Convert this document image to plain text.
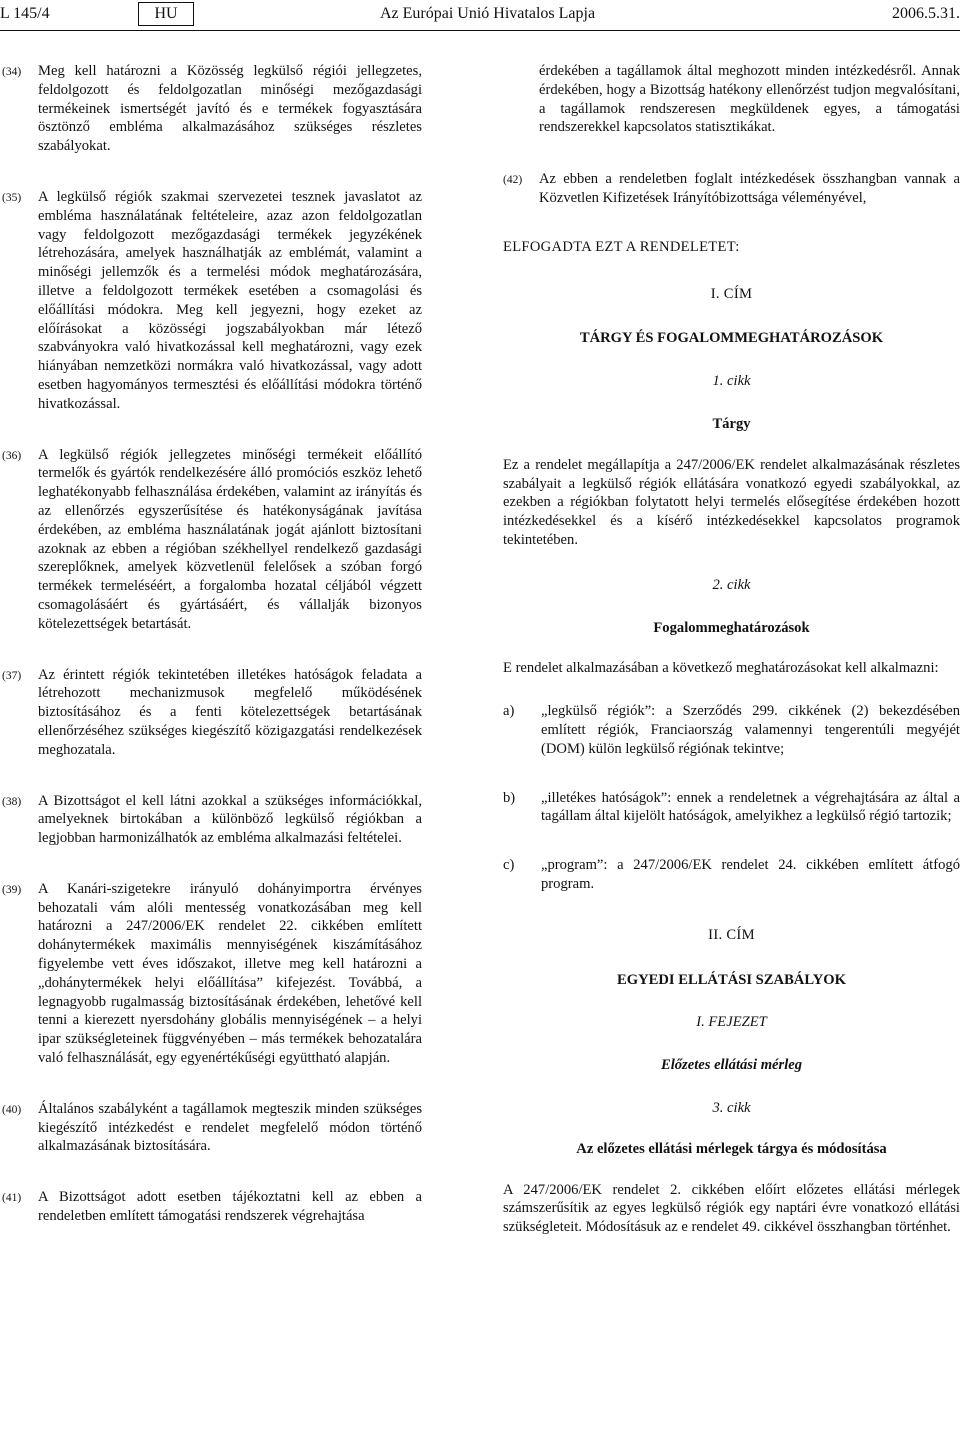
L 145/4	HU	Az Európai Unió Hivatalos Lapja	2006.5.31.
(34) Meg kell határozni a Közösség legkülső régiói jellegzetes, feldolgozott és feldolgozatlan minőségi mezőgazdasági termékeinek ismertségét javító és e termékek fogyasztására ösztönző embléma alkalmazásához szükséges részletes szabályokat.
(35) A legkülső régiók szakmai szervezetei tesznek javaslatot az embléma használatának feltételeire, azaz azon feldolgozatlan vagy feldolgozott mezőgazdasági termékek jegyzékének létrehozására, amelyek használhatják az emblémát, valamint a minőségi jellemzők és a termelési módok meghatározására, illetve a feldolgozott termékek esetében a csomagolási és előállítási módokra. Meg kell jegyezni, hogy ezeket az előírásokat a közösségi jogszabályokban már létező szabványokra való hivatkozással kell meghatározni, vagy ezek hiányában nemzetközi normákra való hivatkozással, vagy adott esetben hagyományos termesztési és előállítási módokra történő hivatkozással.
(36) A legkülső régiók jellegzetes minőségi termékeit előállító termelők és gyártók rendelkezésére álló promóciós eszköz lehető leghatékonyabb felhasználása érdekében, valamint az irányítás és az ellenőrzés egyszerűsítése és hatékonyságának javítása érdekében, az embléma használatának jogát ajánlott biztosítani azoknak az ebben a régióban székhellyel rendelkező gazdasági szereplőknek, amelyek közvetlenül felelősek a szóban forgó termékek termeléséért, a forgalomba hozatal céljából végzett csomagolásáért és gyártásáért, és vállalják bizonyos kötelezettségek betartását.
(37) Az érintett régiók tekintetében illetékes hatóságok feladata a létrehozott mechanizmusok megfelelő működésének biztosításához és a fenti kötelezettségek betartásának ellenőrzéséhez szükséges kiegészítő közigazgatási rendelkezések meghozatala.
(38) A Bizottságot el kell látni azokkal a szükséges információkkal, amelyeknek birtokában a különböző legkülső régiókban a legjobban harmonizálhatók az embléma alkalmazási feltételei.
(39) A Kanári-szigetekre irányuló dohányimportra érvényes behozatali vám alóli mentesség vonatkozásában meg kell határozni a 247/2006/EK rendelet 22. cikkében említett dohánytermékek maximális mennyiségének kiszámításához figyelembe vett éves időszakot, illetve meg kell határozni a „dohánytermékek helyi előállítása” kifejezést. Továbbá, a legnagyobb rugalmasság biztosításának érdekében, lehetővé kell tenni a kierezett nyersdohány globális mennyiségének – a helyi ipar szükségleteinek függvényében – más termékek behozatalára való felhasználását, egy egyenértékűségi együttható alapján.
(40) Általános szabályként a tagállamok megteszik minden szükséges kiegészítő intézkedést e rendelet megfelelő módon történő alkalmazásának biztosítására.
(41) A Bizottságot adott esetben tájékoztatni kell az ebben a rendeletben említett támogatási rendszerek végrehajtása
érdekében a tagállamok által meghozott minden intézkedésről. Annak érdekében, hogy a Bizottság hatékony ellenőrzést tudjon megvalósítani, a tagállamok rendszeresen megküldenek egyes, a támogatási rendszerekkel kapcsolatos statisztikákat.
(42) Az ebben a rendeletben foglalt intézkedések összhangban vannak a Közvetlen Kifizetések Irányítóbizottsága véleményével,
ELFOGADTA EZT A RENDELETET:
I. CÍM
TÁRGY ÉS FOGALOMMEGHATÁROZÁSOK
1. cikk
Tárgy
Ez a rendelet megállapítja a 247/2006/EK rendelet alkalmazásának részletes szabályait a legkülső régiók ellátására vonatkozó egyedi szabályokkal, az ezekben a régiókban folytatott helyi termelés elősegítése érdekében hozott intézkedésekkel és a kísérő intézkedésekkel kapcsolatos programok tekintetében.
2. cikk
Fogalommeghatározások
E rendelet alkalmazásában a következő meghatározásokat kell alkalmazni:
a) „legkülső régiók”: a Szerződés 299. cikkének (2) bekezdésében említett régiók, Franciaország valamennyi tengerentúli megyéjét (DOM) külön legkülső régiónak tekintve;
b) „illetékes hatóságok”: ennek a rendeletnek a végrehajtására az által a tagállam által kijelölt hatóságok, amelyikhez a legkülső régió tartozik;
c) „program”: a 247/2006/EK rendelet 24. cikkében említett átfogó program.
II. CÍM
EGYEDI ELLÁTÁSI SZABÁLYOK
I. FEJEZET
Előzetes ellátási mérleg
3. cikk
Az előzetes ellátási mérlegek tárgya és módosítása
A 247/2006/EK rendelet 2. cikkében előírt előzetes ellátási mérlegek számszerűsítik az egyes legkülső régiók egy naptári évre vonatkozó ellátási szükségleteit. Módosításuk az e rendelet 49. cikkével összhangban történhet.
